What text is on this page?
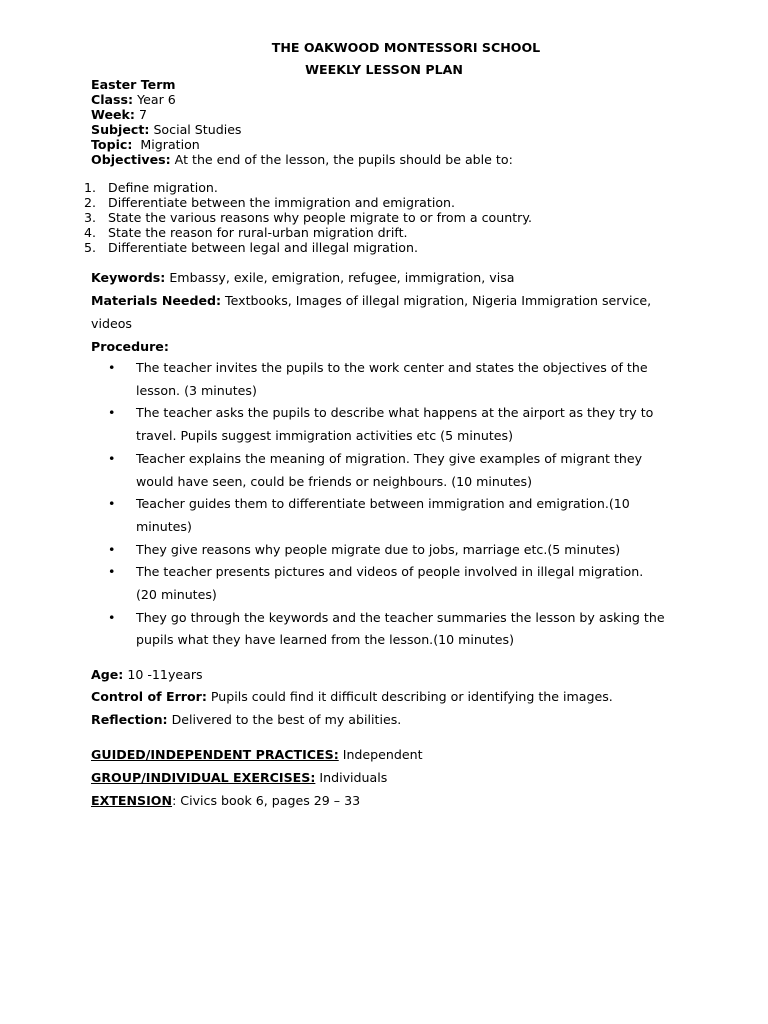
THE OAKWOOD MONTESSORI SCHOOL
WEEKLY LESSON PLAN
Easter Term
Class: Year 6
Week: 7
Subject: Social Studies
Topic:  Migration
Objectives: At the end of the lesson, the pupils should be able to:
1. Define migration.
2. Differentiate between the immigration and emigration.
3. State the various reasons why people migrate to or from a country.
4. State the reason for rural-urban migration drift.
5. Differentiate between legal and illegal migration.
Keywords: Embassy, exile, emigration, refugee, immigration, visa
Materials Needed: Textbooks, Images of illegal migration, Nigeria Immigration service, videos
Procedure:
• The teacher invites the pupils to the work center and states the objectives of the lesson. (3 minutes)
• The teacher asks the pupils to describe what happens at the airport as they try to travel. Pupils suggest immigration activities etc (5 minutes)
• Teacher explains the meaning of migration. They give examples of migrant they would have seen, could be friends or neighbours. (10 minutes)
• Teacher guides them to differentiate between immigration and emigration.(10 minutes)
• They give reasons why people migrate due to jobs, marriage etc.(5 minutes)
• The teacher presents pictures and videos of people involved in illegal migration. (20 minutes)
• They go through the keywords and the teacher summaries the lesson by asking the pupils what they have learned from the lesson.(10 minutes)
Age: 10 -11years
Control of Error: Pupils could find it difficult describing or identifying the images.
Reflection: Delivered to the best of my abilities.
GUIDED/INDEPENDENT PRACTICES: Independent
GROUP/INDIVIDUAL EXERCISES: Individuals
EXTENSION: Civics book 6, pages 29 – 33
